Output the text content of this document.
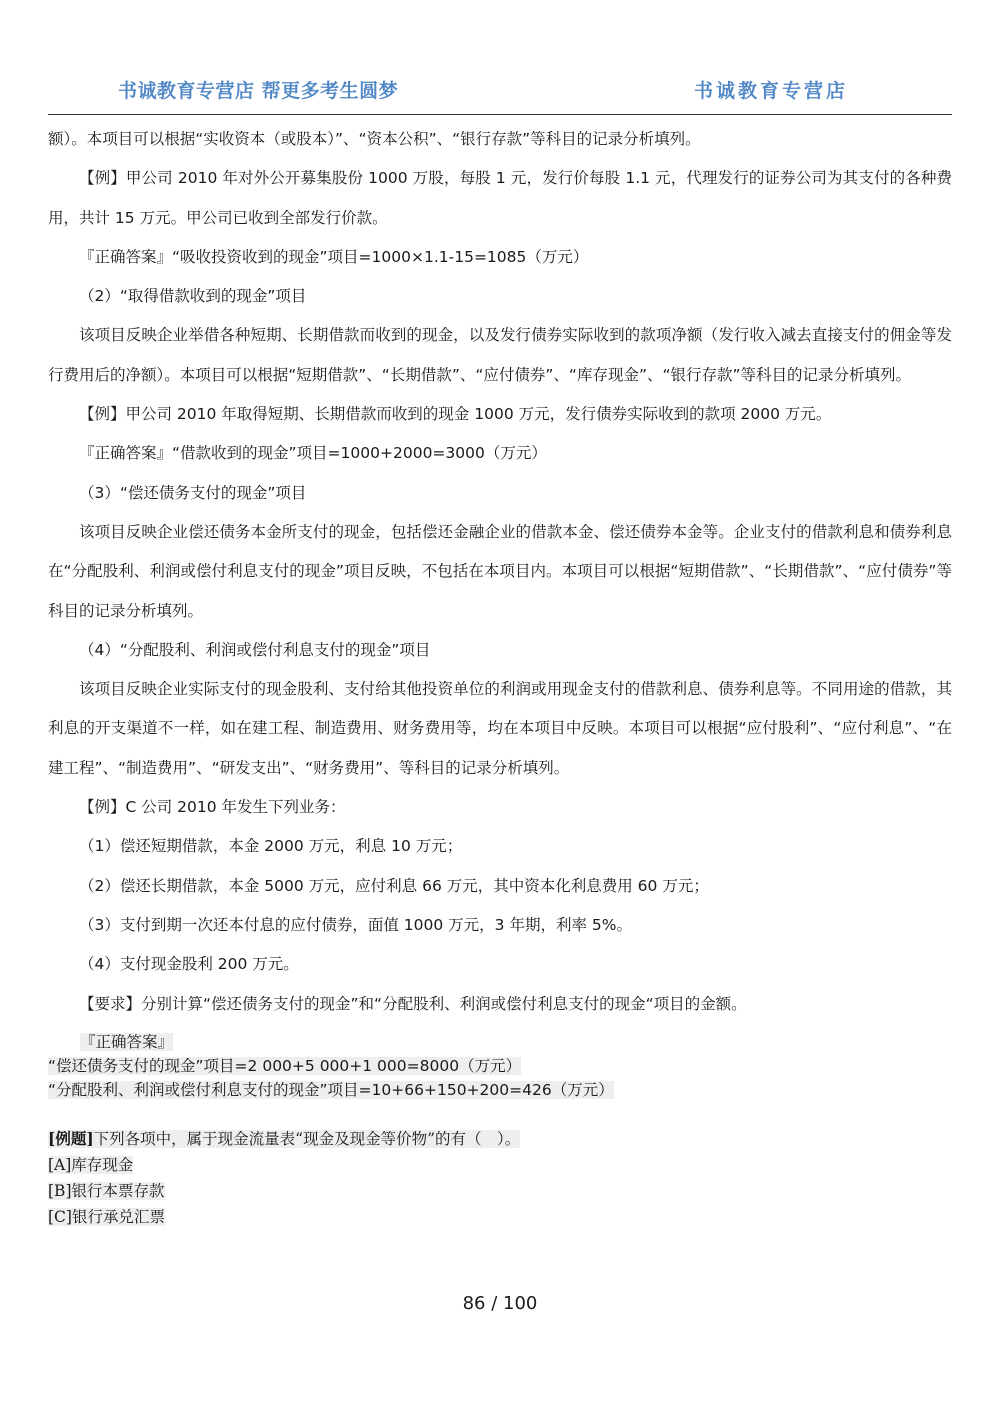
书诚教育专营店 帮更多考生圆梦	书诚教育专营店

额）。本项目可以根据“实收资本（或股本）”、“资本公积”、“银行存款”等科目的记录分析填列。

【例】甲公司 2010 年对外公开募集股份 1000 万股，每股 1 元，发行价每股 1.1 元，代理发行的证券公司为其支付的各种费用，共计 15 万元。甲公司已收到全部发行价款。

『正确答案』“吸收投资收到的现金”项目=1000×1.1-15=1085（万元）

（2）“取得借款收到的现金”项目

该项目反映企业举借各种短期、长期借款而收到的现金，以及发行债券实际收到的款项净额（发行收入减去直接支付的佣金等发行费用后的净额）。本项目可以根据“短期借款”、“长期借款”、“应付债券”、“库存现金”、“银行存款”等科目的记录分析填列。

【例】甲公司 2010 年取得短期、长期借款而收到的现金 1000 万元，发行债券实际收到的款项 2000 万元。

『正确答案』“借款收到的现金”项目=1000+2000=3000（万元）

（3）“偿还债务支付的现金”项目

该项目反映企业偿还债务本金所支付的现金，包括偿还金融企业的借款本金、偿还债券本金等。企业支付的借款利息和债券利息在“分配股利、利润或偿付利息支付的现金”项目反映，不包括在本项目内。本项目可以根据“短期借款”、“长期借款”、“应付债券”等科目的记录分析填列。

（4）“分配股利、利润或偿付利息支付的现金”项目

该项目反映企业实际支付的现金股利、支付给其他投资单位的利润或用现金支付的借款利息、债券利息等。不同用途的借款，其利息的开支渠道不一样，如在建工程、制造费用、财务费用等，均在本项目中反映。本项目可以根据“应付股利”、“应付利息”、“在建工程”、“制造费用”、“研发支出”、“财务费用”、等科目的记录分析填列。

【例】C 公司 2010 年发生下列业务：

（1）偿还短期借款，本金 2000 万元，利息 10 万元；

（2）偿还长期借款，本金 5000 万元，应付利息 66 万元，其中资本化利息费用 60 万元；

（3）支付到期一次还本付息的应付债券，面值 1000 万元，3 年期，利率 5%。

（4）支付现金股利 200 万元。

【要求】分别计算“偿还债务支付的现金”和“分配股利、利润或偿付利息支付的现金“项目的金额。

『正确答案』
“偿还债务支付的现金”项目=2 000+5 000+1 000=8000（万元）
“分配股利、利润或偿付利息支付的现金”项目=10+66+150+200=426（万元）
[例题]下列各项中，属于现金流量表“现金及现金等价物”的有（　）。
[A]库存现金
[B]银行本票存款
[C]银行承兑汇票
86 / 100
